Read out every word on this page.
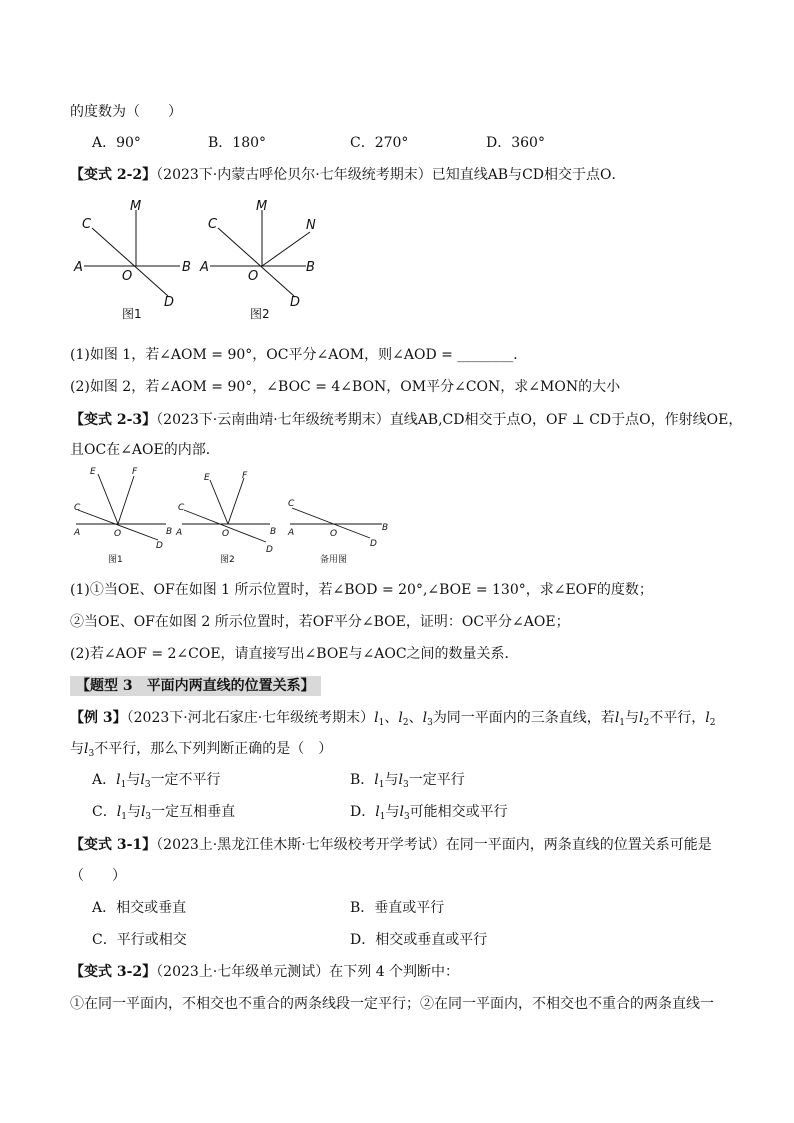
的度数为（　　）
A．90°	B．180°	C．270°	D．360°
【变式 2-2】（2023下·内蒙古呼伦贝尔·七年级统考期末）已知直线AB与CD相交于点O．
A	B
C
D
M
O
图1
A	B
C
D
M
N
O
图2
(1)如图 1，若∠AOM = 90°，OC平分∠AOM，则∠AOD = ________．
(2)如图 2，若∠AOM = 90°，∠BOC = 4∠BON，OM平分∠CON，求∠MON的大小
【变式 2-3】（2023下·云南曲靖·七年级统考期末）直线AB,CD相交于点O，OF ⊥ CD于点O，作射线OE，
且OC在∠AOE的内部．
A	B
C
D
E	F
O
图1
A	B
C
D
E	F
O
图2
A	B
C
D
O
备用图
(1)①当OE、OF在如图 1 所示位置时，若∠BOD = 20°,∠BOE = 130°，求∠EOF的度数；
②当OE、OF在如图 2 所示位置时，若OF平分∠BOE，证明：OC平分∠AOE；
(2)若∠AOF = 2∠COE，请直接写出∠BOE与∠AOC之间的数量关系．
【题型 3　平面内两直线的位置关系】
【例 3】（2023下·河北石家庄·七年级统考期末）$l_1$、$l_2$、$l_3$为同一平面内的三条直线，若$l_1$与$l_2$不平行，$l_2$
与$l_3$不平行，那么下列判断正确的是（　）
A．$l_1$与$l_3$一定不平行	B．$l_1$与$l_3$一定平行
C．$l_1$与$l_3$一定互相垂直	D．$l_1$与$l_3$可能相交或平行
【变式 3-1】（2023上·黑龙江佳木斯·七年级校考开学考试）在同一平面内，两条直线的位置关系可能是
（　　）
A．相交或垂直	B．垂直或平行
C．平行或相交	D．相交或垂直或平行
【变式 3-2】（2023上·七年级单元测试）在下列 4 个判断中：
①在同一平面内，不相交也不重合的两条线段一定平行；②在同一平面内，不相交也不重合的两条直线一
